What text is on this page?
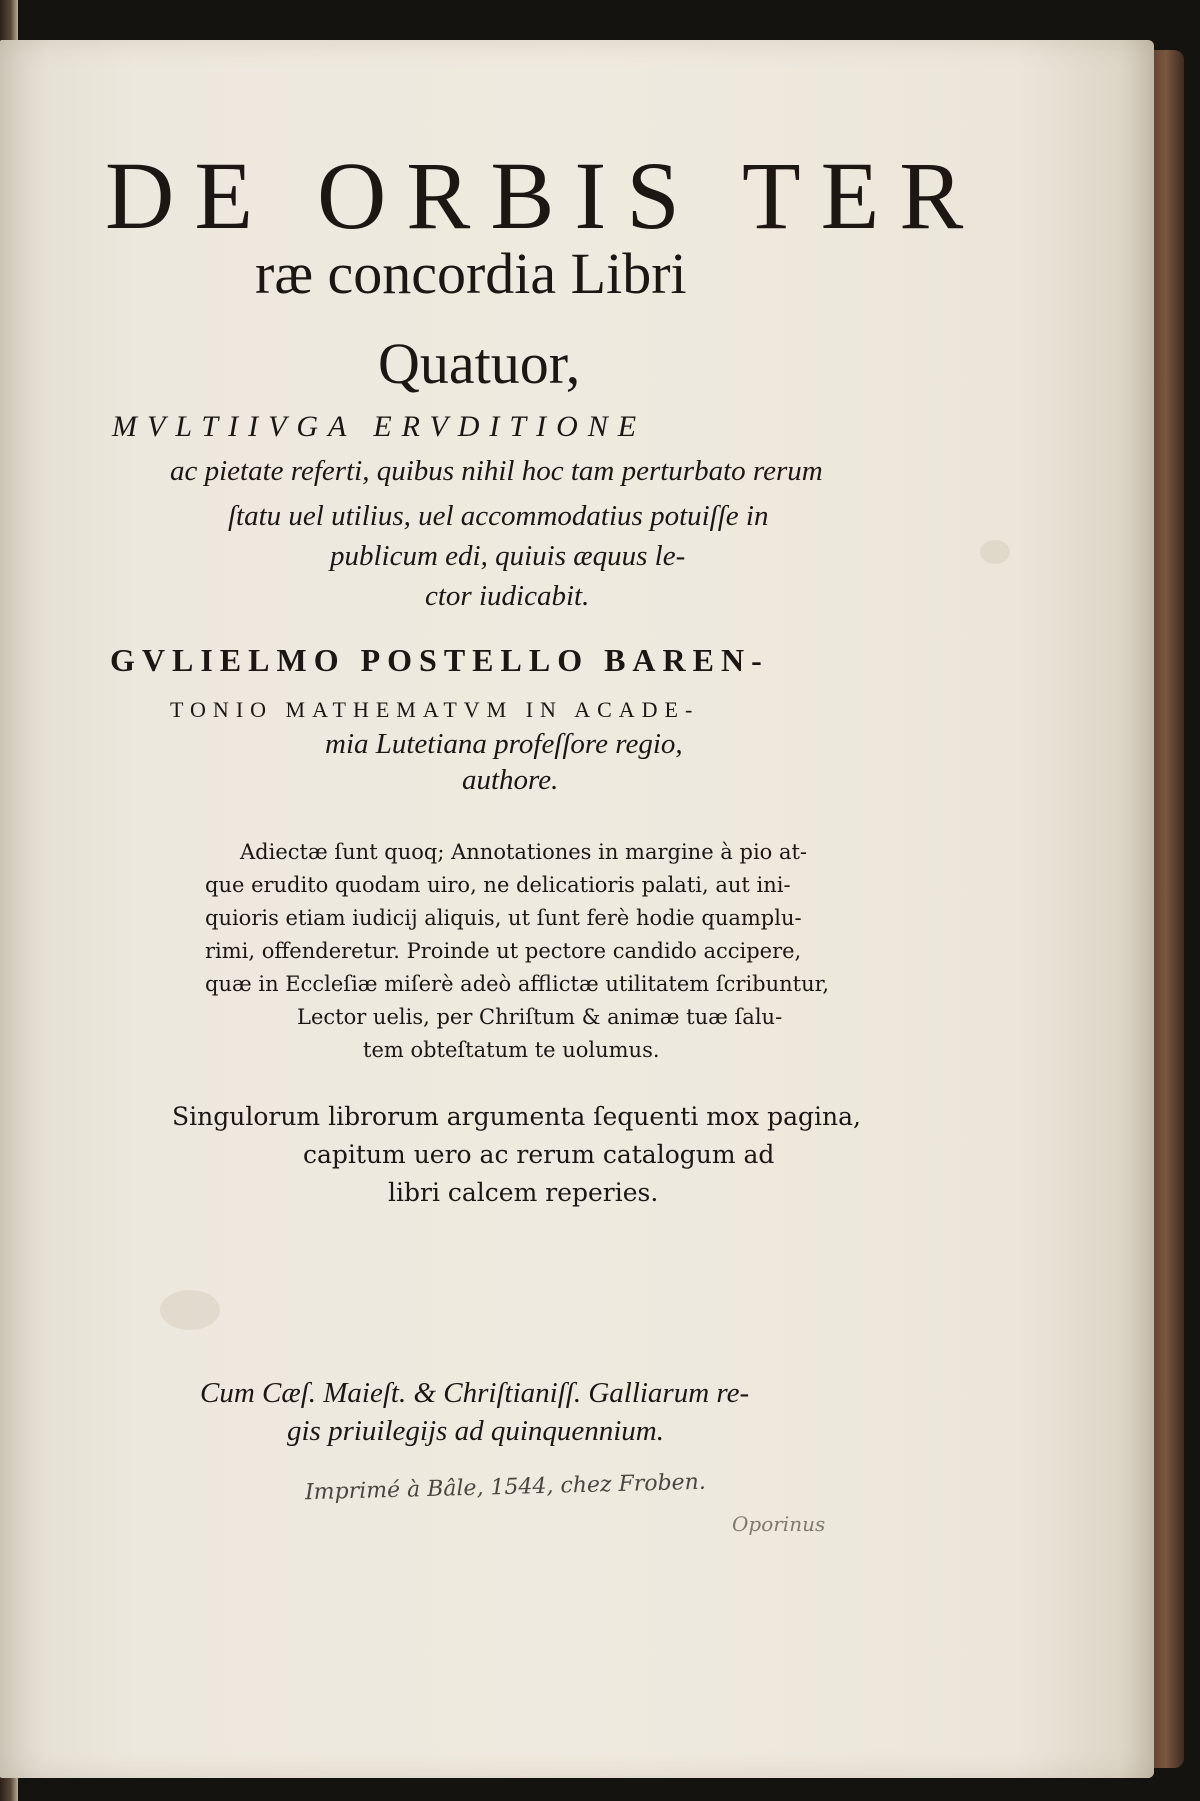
DE ORBIS TER
ræ concordia Libri
Quatuor,
MVLTIIVGA ERVDITIONE
ac pietate referti, quibus nihil hoc tam perturbato rerum
ſtatu uel utilius, uel accommodatius potuiſſe in
publicum edi, quiuis æquus le-
ctor iudicabit.
GVLIELMO POSTELLO BAREN-
TONIO MATHEMATVM IN ACADE-
mia Lutetiana profeſſore regio,
authore.
Adiectæ ſunt quoq; Annotationes in margine à pio at-
que erudito quodam uiro, ne delicatioris palati, aut ini-
quioris etiam iudicij aliquis, ut ſunt ferè hodie quamplu-
rimi, offenderetur. Proinde ut pectore candido accipere,
quæ in Eccleſiæ miſerè adeò afflictæ utilitatem ſcribuntur,
Lector uelis, per Chriſtum & animæ tuæ ſalu-
tem obteſtatum te uolumus.
Singulorum librorum argumenta ſequenti mox pagina,
capitum uero ac rerum catalogum ad
libri calcem reperies.
Cum Cæſ. Maieſt. & Chriſtianiſſ. Galliarum re-
gis priuilegijs ad quinquennium.
Imprimé à Bâle, 1544, chez Froben.
Oporinus
